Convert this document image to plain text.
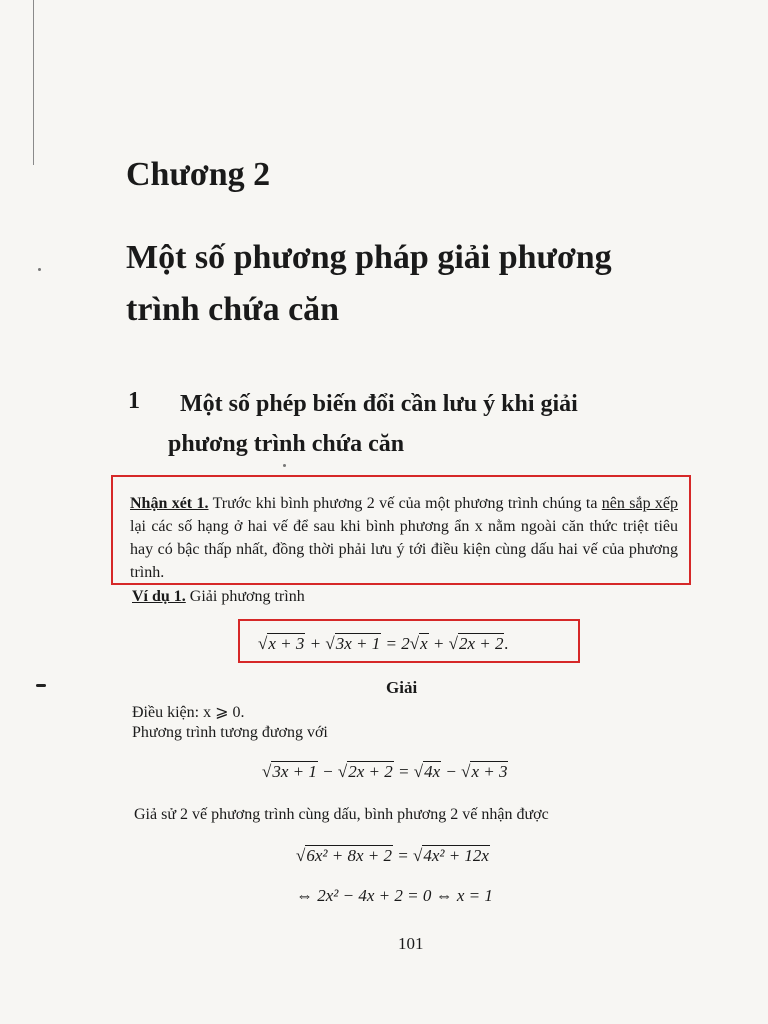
Chương 2
Một số phương pháp giải phương
trình chứa căn
1	Một số phép biến đổi cần lưu ý khi giải
phương trình chứa căn
Nhận xét 1. Trước khi bình phương 2 vế của một phương trình chúng ta nên sắp xếp lại các số hạng ở hai vế để sau khi bình phương ẩn x nằm ngoài căn thức triệt tiêu hay có bậc thấp nhất, đồng thời phải lưu ý tới điều kiện cùng dấu hai vế của phương trình.
Ví dụ 1. Giải phương trình
√x + 3 + √3x + 1 = 2√x + √2x + 2.
Giải
Điều kiện: x ⩾ 0.
Phương trình tương đương với
√3x + 1 − √2x + 2 = √4x − √x + 3
Giả sử 2 vế phương trình cùng dấu, bình phương 2 vế nhận được
√6x² + 8x + 2 = √4x² + 12x
⇔ 2x² − 4x + 2 = 0 ⇔ x = 1
101
